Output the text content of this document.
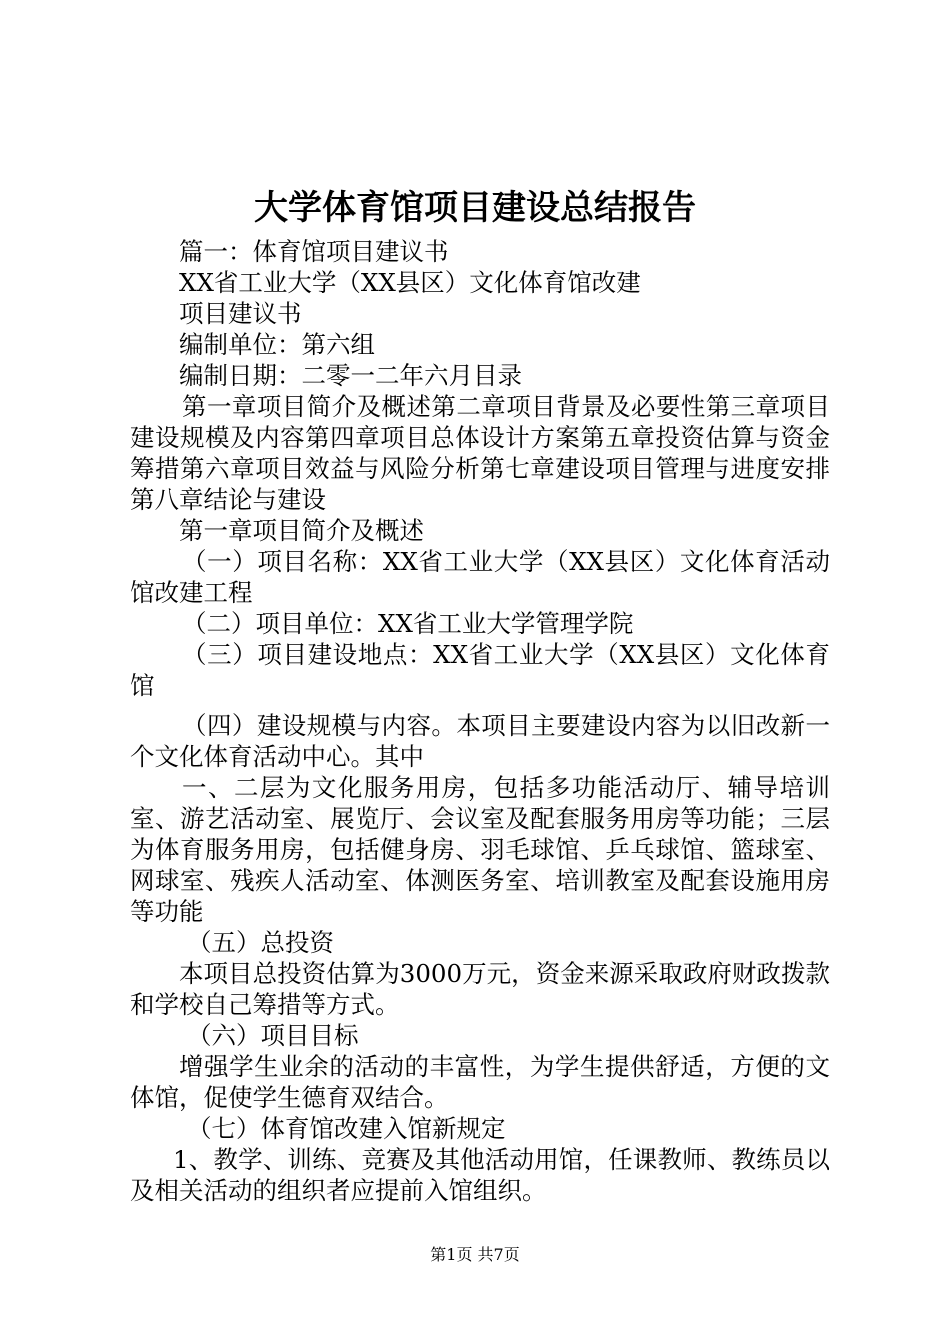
大学体育馆项目建设总结报告

篇一：体育馆项目建议书

XX省工业大学（XX县区）文化体育馆改建

项目建议书

编制单位：第六组

编制日期：二零一二年六月目录

第一章项目简介及概述第二章项目背景及必要性第三章项目建设规模及内容第四章项目总体设计方案第五章投资估算与资金筹措第六章项目效益与风险分析第七章建设项目管理与进度安排第八章结论与建设

第一章项目简介及概述

（一）项目名称：XX省工业大学（XX县区）文化体育活动馆改建工程

（二）项目单位：XX省工业大学管理学院

（三）项目建设地点：XX省工业大学（XX县区）文化体育馆

（四）建设规模与内容。本项目主要建设内容为以旧改新一个文化体育活动中心。其中

一、二层为文化服务用房，包括多功能活动厅、辅导培训室、游艺活动室、展览厅、会议室及配套服务用房等功能；三层为体育服务用房，包括健身房、羽毛球馆、乒乓球馆、篮球室、网球室、残疾人活动室、体测医务室、培训教室及配套设施用房等功能

（五）总投资

本项目总投资估算为3000万元，资金来源采取政府财政拨款和学校自己筹措等方式。

（六）项目目标

增强学生业余的活动的丰富性，为学生提供舒适，方便的文体馆，促使学生德育双结合。

（七）体育馆改建入馆新规定

1、教学、训练、竞赛及其他活动用馆，任课教师、教练员以及相关活动的组织者应提前入馆组织。

第1页 共7页
